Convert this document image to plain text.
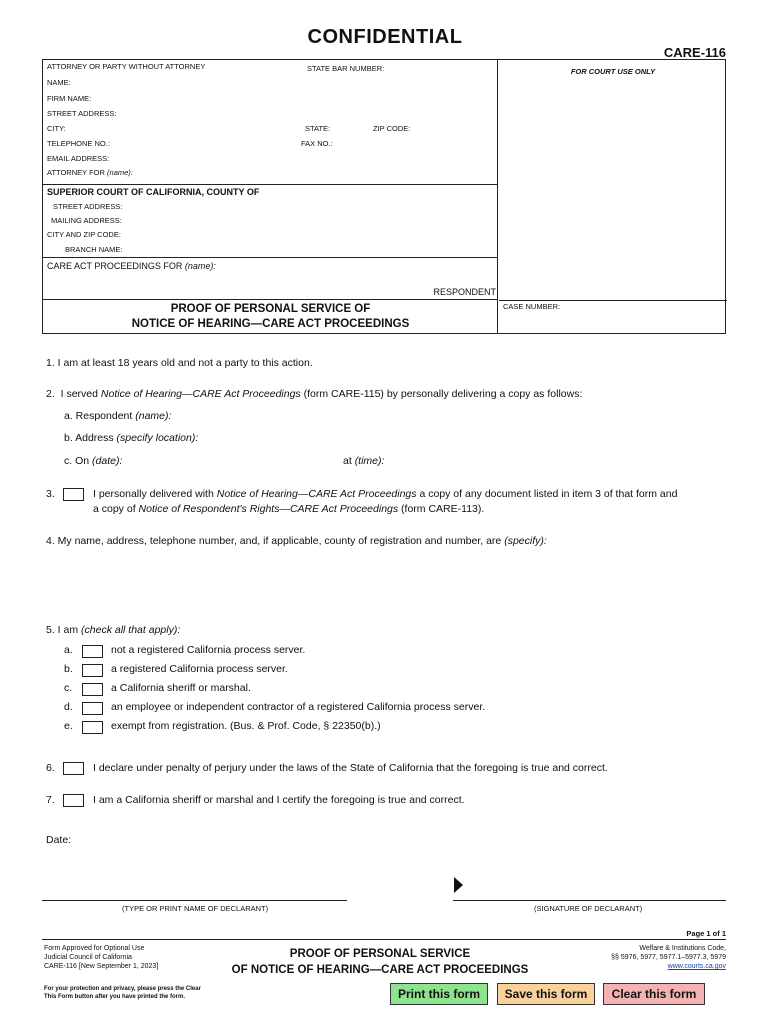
CONFIDENTIAL
CARE-116
ATTORNEY OR PARTY WITHOUT ATTORNEY	STATE BAR NUMBER:
NAME:
FIRM NAME:
STREET ADDRESS:
CITY:	STATE:	ZIP CODE:
TELEPHONE NO.:	FAX NO.:
EMAIL ADDRESS:
ATTORNEY FOR (name):
SUPERIOR COURT OF CALIFORNIA, COUNTY OF
STREET ADDRESS:
MAILING ADDRESS:
CITY AND ZIP CODE:
BRANCH NAME:
CARE ACT PROCEEDINGS FOR (name):
RESPONDENT
PROOF OF PERSONAL SERVICE OF
NOTICE OF HEARING—CARE ACT PROCEEDINGS
FOR COURT USE ONLY
CASE NUMBER:
1. I am at least 18 years old and not a party to this action.
2. I served Notice of Hearing—CARE Act Proceedings (form CARE-115) by personally delivering a copy as follows:
a. Respondent (name):
b. Address (specify location):
c. On (date):	at (time):
3.	I personally delivered with Notice of Hearing—CARE Act Proceedings a copy of any document listed in item 3 of that form and
a copy of Notice of Respondent's Rights—CARE Act Proceedings (form CARE-113).
4. My name, address, telephone number, and, if applicable, county of registration and number, are (specify):
5. I am (check all that apply):
a.	not a registered California process server.
b.	a registered California process server.
c.	a California sheriff or marshal.
d.	an employee or independent contractor of a registered California process server.
e.	exempt from registration. (Bus. & Prof. Code, § 22350(b).)
6.	I declare under penalty of perjury under the laws of the State of California that the foregoing is true and correct.
7.	I am a California sheriff or marshal and I certify the foregoing is true and correct.
Date:
(TYPE OR PRINT NAME OF DECLARANT)	(SIGNATURE OF DECLARANT)
Page 1 of 1
Form Approved for Optional Use
Judicial Council of California
CARE-116 [New September 1, 2023]
PROOF OF PERSONAL SERVICE
OF NOTICE OF HEARING—CARE ACT PROCEEDINGS
Welfare & Institutions Code,
§§ 5976, 5977, 5977.1–5977.3, 5979
www.courts.ca.gov
For your protection and privacy, please press the Clear
This Form button after you have printed the form.	Print this form	Save this form	Clear this form
